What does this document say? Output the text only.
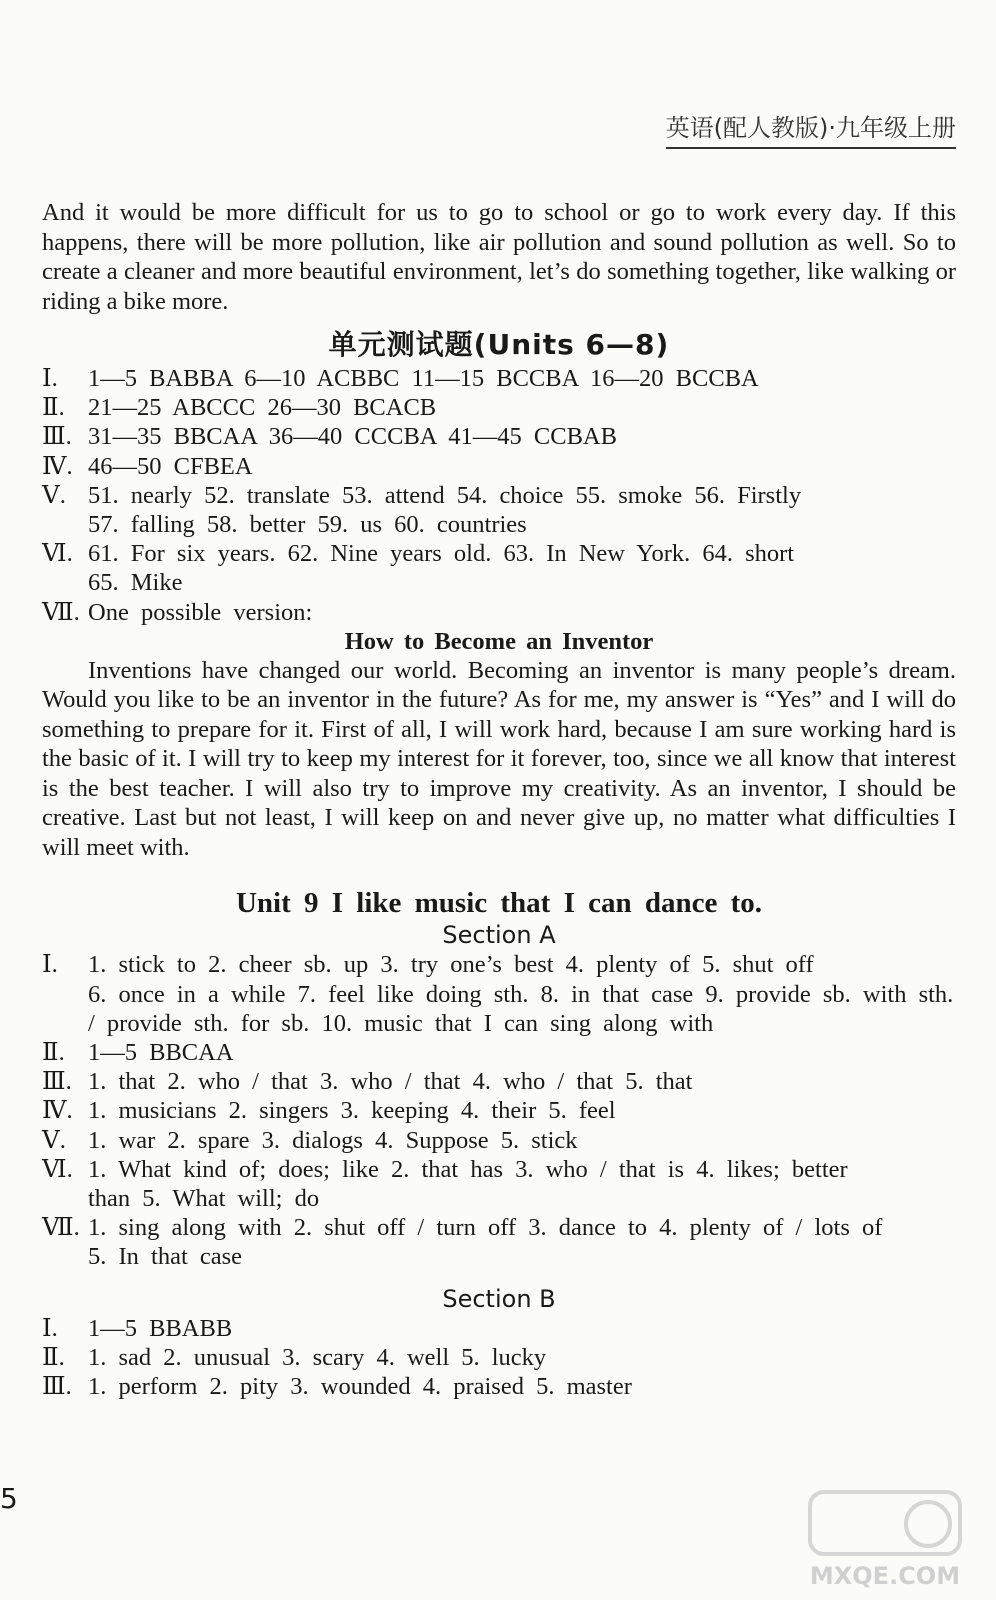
英语(配人教版)·九年级上册

And it would be more difficult for us to go to school or go to work every day. If this happens, there will be more pollution, like air pollution and sound pollution as well. So to create a cleaner and more beautiful environment, let’s do something together, like walking or riding a bike more.

单元测试题(Units 6—8)
Ⅰ.	1—5 BABBA 6—10 ACBBC 11—15 BCCBA 16—20 BCCBA
Ⅱ. 21—25 ABCCC 26—30 BCACB
Ⅲ. 31—35 BBCAA 36—40 CCCBA 41—45 CCBAB
Ⅳ. 46—50 CFBEA
Ⅴ. 51. nearly 52. translate 53. attend 54. choice 55. smoke 56. Firstly
57. falling 58. better 59. us 60. countries
Ⅵ. 61. For six years. 62. Nine years old. 63. In New York. 64. short
65. Mike
Ⅶ. One possible version:
How to Become an Inventor

Inventions have changed our world. Becoming an inventor is many people’s dream. Would you like to be an inventor in the future? As for me, my answer is “Yes” and I will do something to prepare for it. First of all, I will work hard, because I am sure working hard is the basic of it. I will try to keep my interest for it forever, too, since we all know that interest is the best teacher. I will also try to improve my creativity. As an inventor, I should be creative. Last but not least, I will keep on and never give up, no matter what difficulties I will meet with.

Unit 9 I like music that I can dance to.
Section A
Ⅰ.	1. stick to 2. cheer sb. up 3. try one’s best 4. plenty of 5. shut off
6. once in a while 7. feel like doing sth. 8. in that case 9. provide sb. with sth. / provide sth. for sb. 10. music that I can sing along with
Ⅱ. 1—5 BBCAA
Ⅲ. 1. that 2. who / that 3. who / that 4. who / that 5. that
Ⅳ. 1. musicians 2. singers 3. keeping 4. their 5. feel
Ⅴ. 1. war 2. spare 3. dialogs 4. Suppose 5. stick
Ⅵ. 1. What kind of; does; like 2. that has 3. who / that is 4. likes; better
than 5. What will; do
Ⅶ. 1. sing along with 2. shut off / turn off 3. dance to 4. plenty of / lots of
5. In that case
Section B
Ⅰ.	1—5 BBABB
Ⅱ. 1. sad 2. unusual 3. scary 4. well 5. lucky
Ⅲ. 1. perform 2. pity 3. wounded 4. praised 5. master
5
MXQE.COM
